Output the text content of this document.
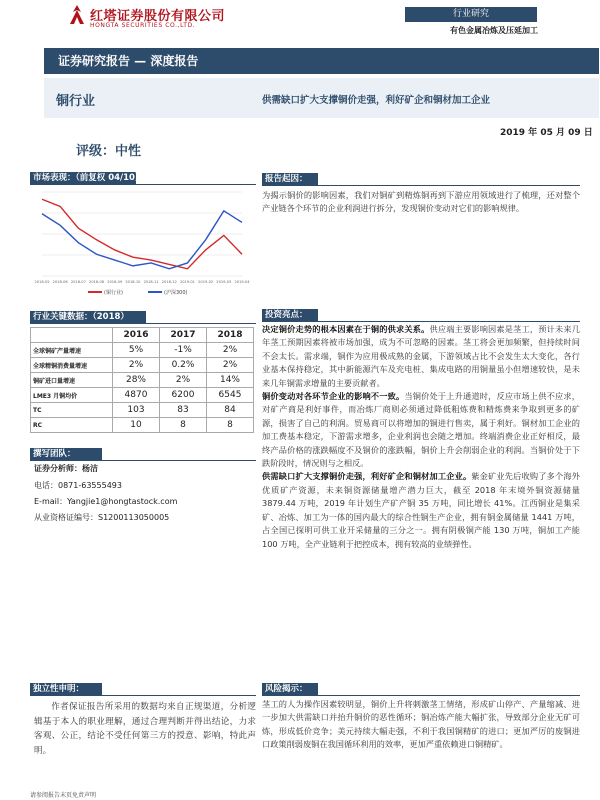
红塔证券股份有限公司
HONGTA SECURITIES CO.,LTD.
行业研究
有色金属冶炼及压延加工
证券研究报告 — 深度报告
铜行业	供需缺口扩大支撑铜价走强，利好矿企和铜材加工企业
2019 年 05 月 09 日
评级：中性
市场表现：（前复权 04/10）
2018-05 2018-06 2018-07 2018-08 2018-09 2018-10 2018-11 2018-12 2019-01 2019-02 2019-03 2019-04
(铜行业)	(沪深300)
行业关键数据：（2018）
	2016	2017	2018
全球铜矿产量增速	5%	-1%	2%
全球精铜消费量增速	2%	0.2%	2%
铜矿进口量增速	28%	2%	14%
LME3 月铜均价	4870	6200	6545
TC	103	83	84
RC	10	8	8
撰写团队：
证券分析师：杨洁
电话：0871-63555493
E-mail：Yangjie1@hongtastock.com
从业资格证编号：S1200113050005
独立性申明：
作者保证报告所采用的数据均来自正规渠道，分析逻辑基于本人的职业理解，通过合理判断并得出结论，力求客观、公正，结论不受任何第三方的授意、影响，特此声明。
报告起因：
为揭示铜价的影响因素，我们对铜矿到精炼铜再到下游应用领域进行了梳理，还对整个产业链各个环节的企业利润进行拆分，发现铜价变动对它们的影响规律。
投资亮点：

决定铜价走势的根本因素在于铜的供求关系。供应端主要影响因素是茎工，预计未来几年茎工预期因素将被市场加强，成为不可忽略的因素。茎工将会更加频繁，但持续时间不会太长。需求端，铜作为应用极成熟的金属，下游领域占比不会发生太大变化，各行业基本保持稳定，其中新能源汽车及充电桩、集成电路的用铜量虽小但增速较快，是未来几年铜需求增量的主要贡献者。

铜价变动对各环节企业的影响不一致。当铜价处于上升通道时，反应市场上供不应求，对矿产商是利好事件，而冶炼厂商则必须通过降低粗炼费和精炼费来争取到更多的矿源，损害了自己的利润。贸易商可以将增加的铜进行售卖，属于利好。铜材加工企业的加工费基本稳定，下游需求增多，企业利润也会随之增加。终端消费企业正好相反，最终产品价格的涨跌幅度不及铜价的涨跌幅，铜价上升会削弱企业的利润。当铜价处于下跌阶段时，情况则与之相反。

供需缺口扩大支撑铜价走强，利好矿企和铜材加工企业。紫金矿业先后收购了多个海外优质矿产资源，未来铜资源储量增产潜力巨大，截至 2018 年末境外铜资源储量 3879.44 万吨，2019 年计划生产矿产铜 35 万吨，同比增长 41%。江西铜业是集采矿、冶炼、加工为一体的国内最大的综合性铜生产企业，拥有铜金属储量 1441 万吨，占全国已探明可供工业开采储量的三分之一。拥有阴极铜产能 130 万吨，铜加工产能 100 万吨，全产业链利于把控成本，拥有较高的业绩弹性。

风险揭示：
茎工的人为操作因素较明显，铜价上升将刺激茎工情绪，形成矿山停产、产量缩减、进一步加大供需缺口并抬升铜价的恶性循环；铜冶炼产能大幅扩张，导致部分企业无矿可炼，形成低价竞争；美元持续大幅走强，不利于我国铜精矿的进口；更加严厉的废铜进口政策削弱废铜在我国循环利用的效率，更加严重依赖进口铜精矿。
请参阅报告末页免责声明
